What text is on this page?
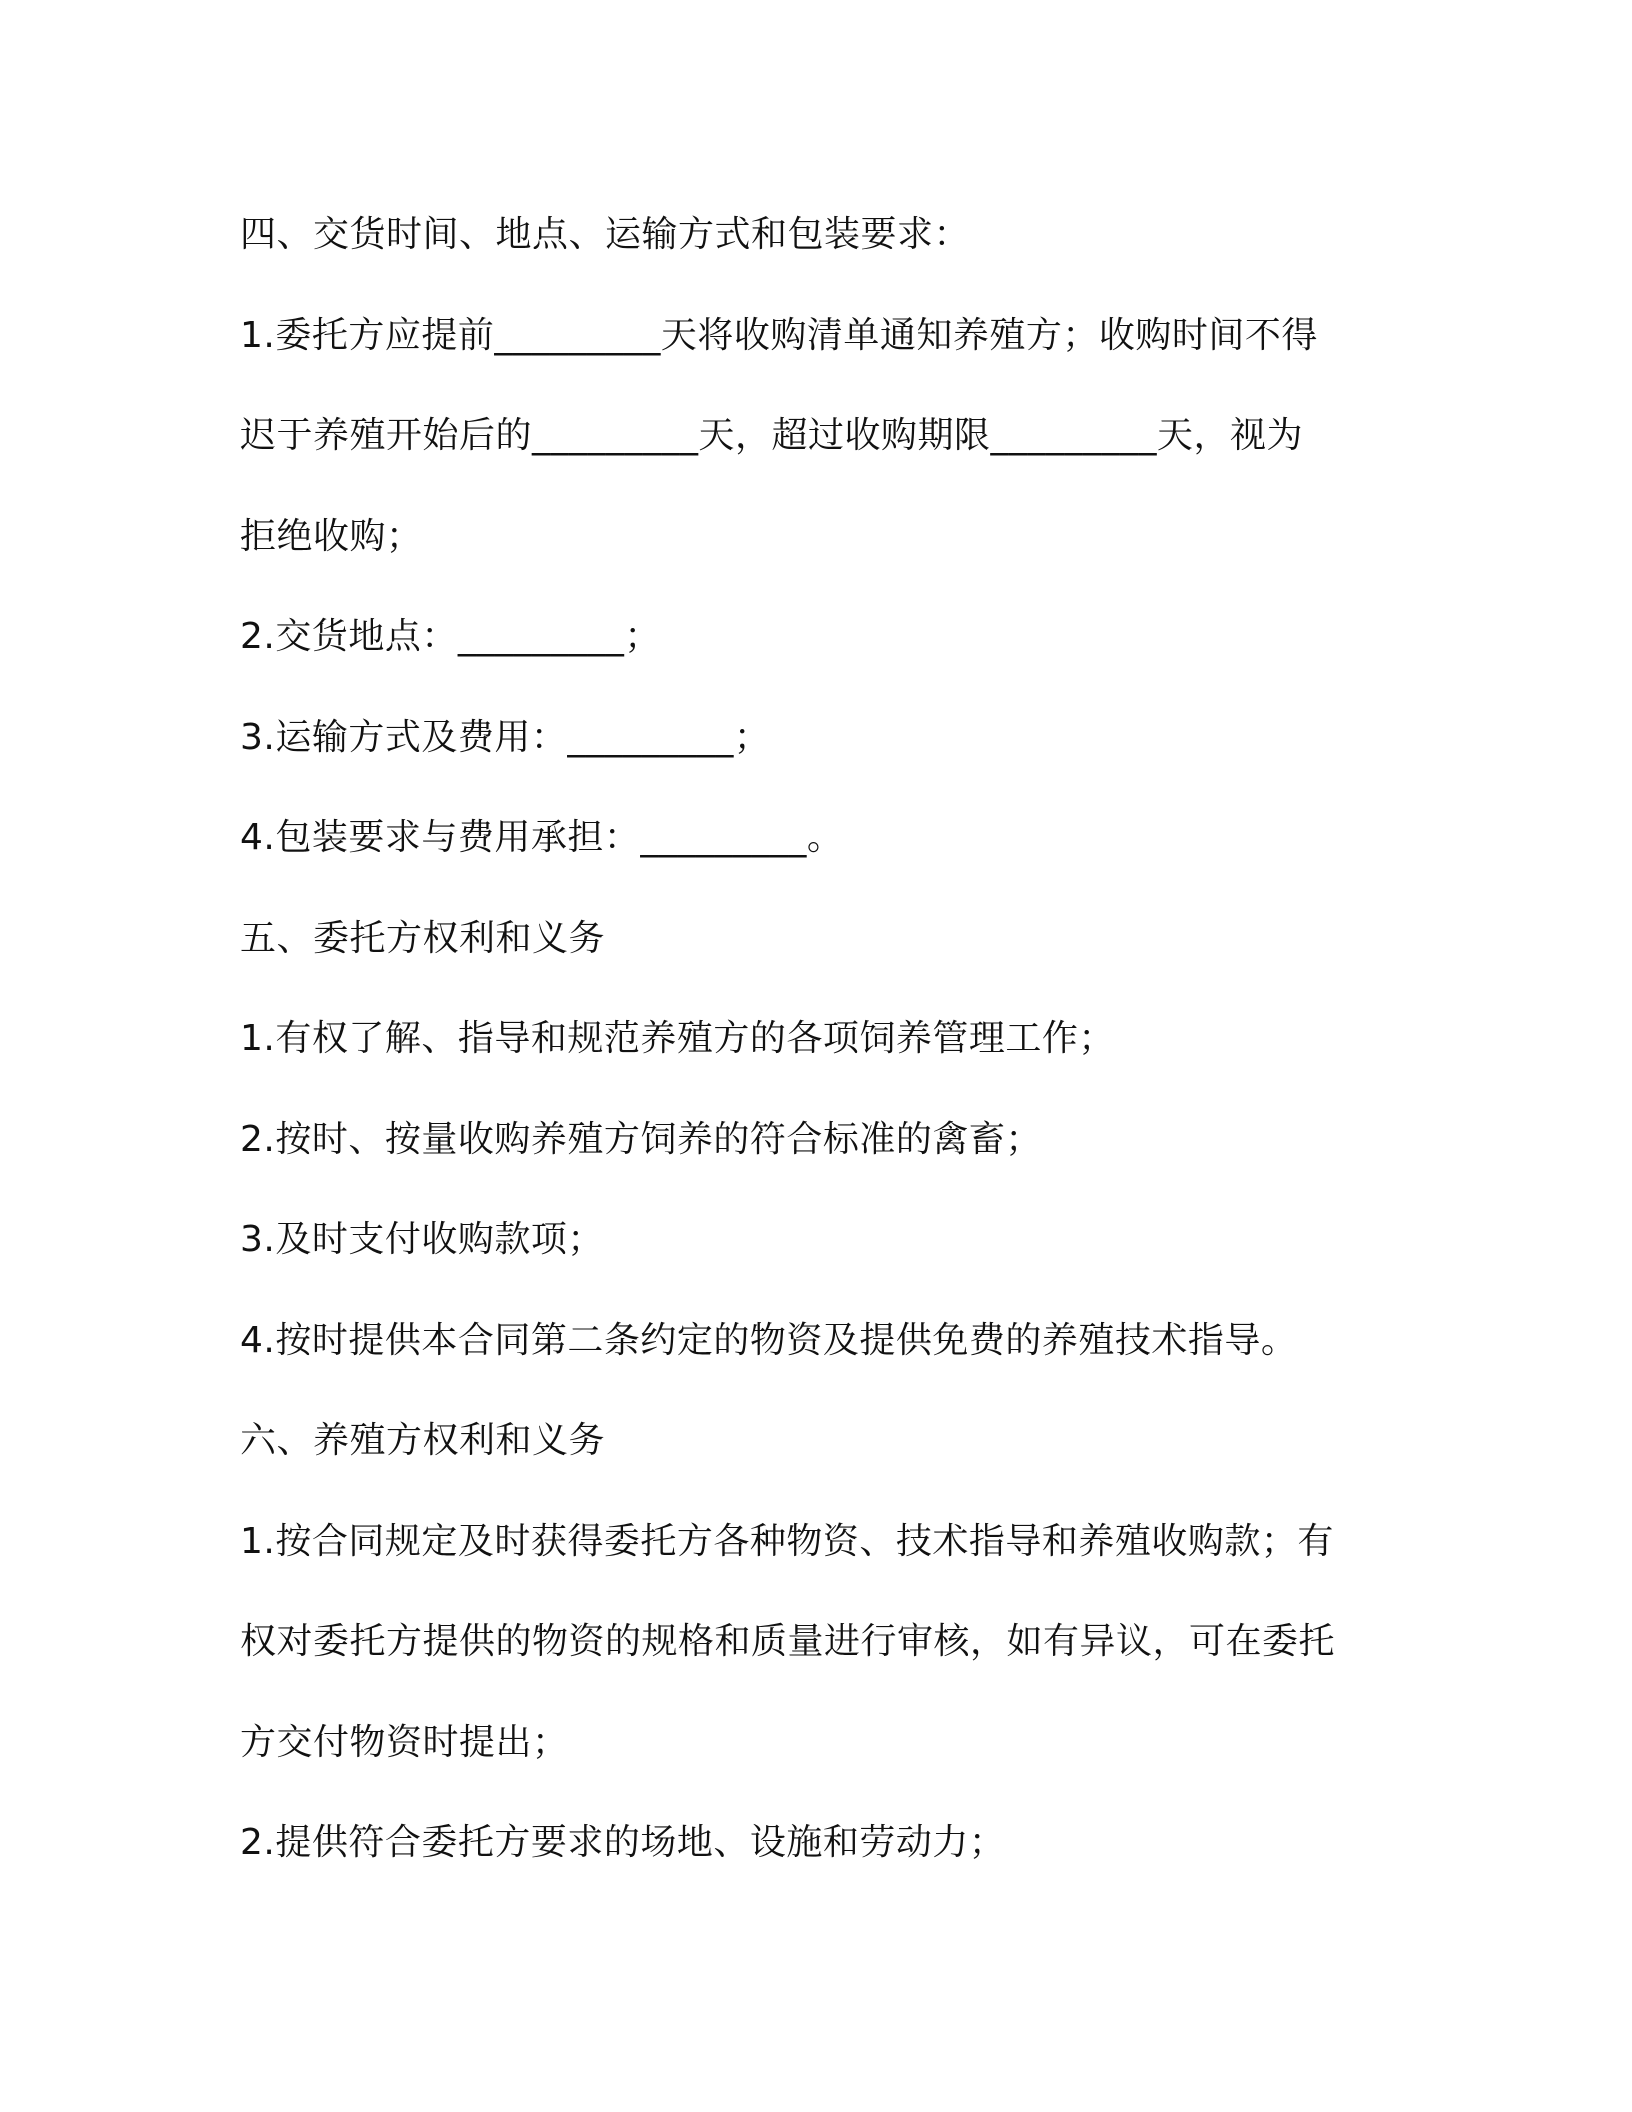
四、交货时间、地点、运输方式和包装要求：
1.委托方应提前_________天将收购清单通知养殖方；收购时间不得
迟于养殖开始后的_________天，超过收购期限_________天，视为
拒绝收购；
2.交货地点：_________；
3.运输方式及费用：_________；
4.包装要求与费用承担：_________。
五、委托方权利和义务
1.有权了解、指导和规范养殖方的各项饲养管理工作；
2.按时、按量收购养殖方饲养的符合标准的禽畜；
3.及时支付收购款项；
4.按时提供本合同第二条约定的物资及提供免费的养殖技术指导。
六、养殖方权利和义务
1.按合同规定及时获得委托方各种物资、技术指导和养殖收购款；有
权对委托方提供的物资的规格和质量进行审核，如有异议，可在委托
方交付物资时提出；
2.提供符合委托方要求的场地、设施和劳动力；
